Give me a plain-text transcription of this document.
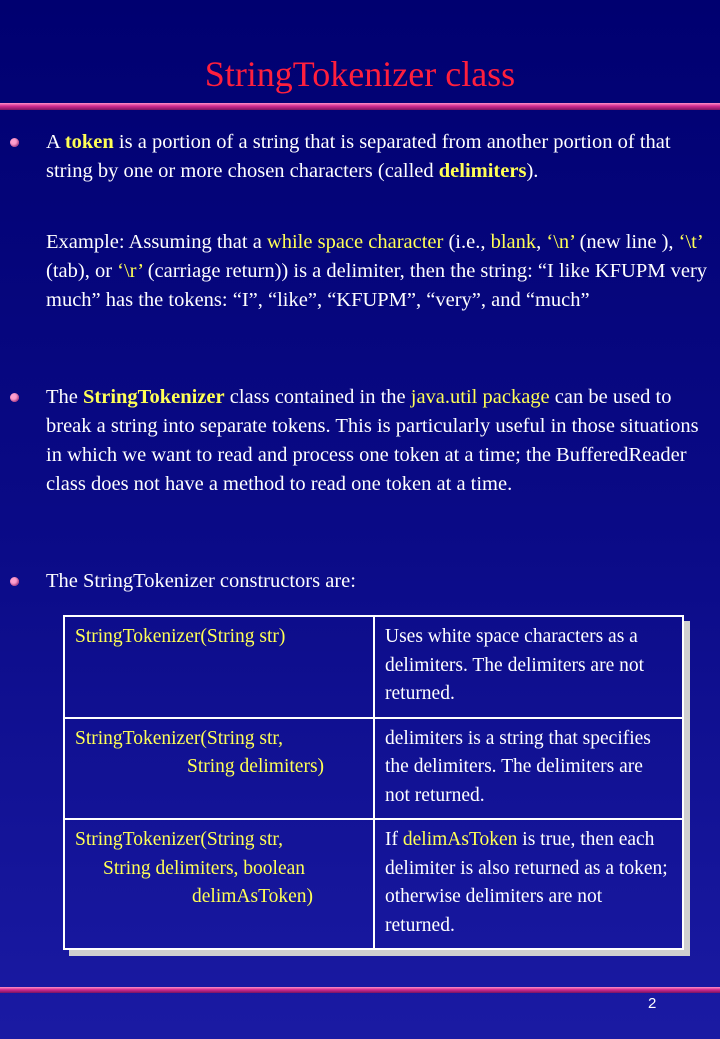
StringTokenizer class
A token is a portion of a string that is separated from another portion of that string by one or more chosen characters (called delimiters).
Example: Assuming that a while space character (i.e., blank, ‘\n’ (new line ), ‘\t’ (tab), or ‘\r’ (carriage return)) is a delimiter, then the string: “I like KFUPM very much” has the tokens: “I”, “like”, “KFUPM”, “very”, and “much”
The StringTokenizer class contained in the java.util package can be used to break a string into separate tokens. This is particularly useful in those situations in which we want to read and process one token at a time; the BufferedReader class does not have a method to read one token at a time.
The StringTokenizer constructors are:
StringTokenizer(String str)	Uses white space characters as a delimiters. The delimiters are not returned.
StringTokenizer(String str,
String delimiters)	delimiters is a string that specifies the delimiters. The delimiters are not returned.
StringTokenizer(String str,
String delimiters, boolean
delimAsToken)	If delimAsToken is true, then each delimiter is also returned as a token; otherwise delimiters are not returned.
2
